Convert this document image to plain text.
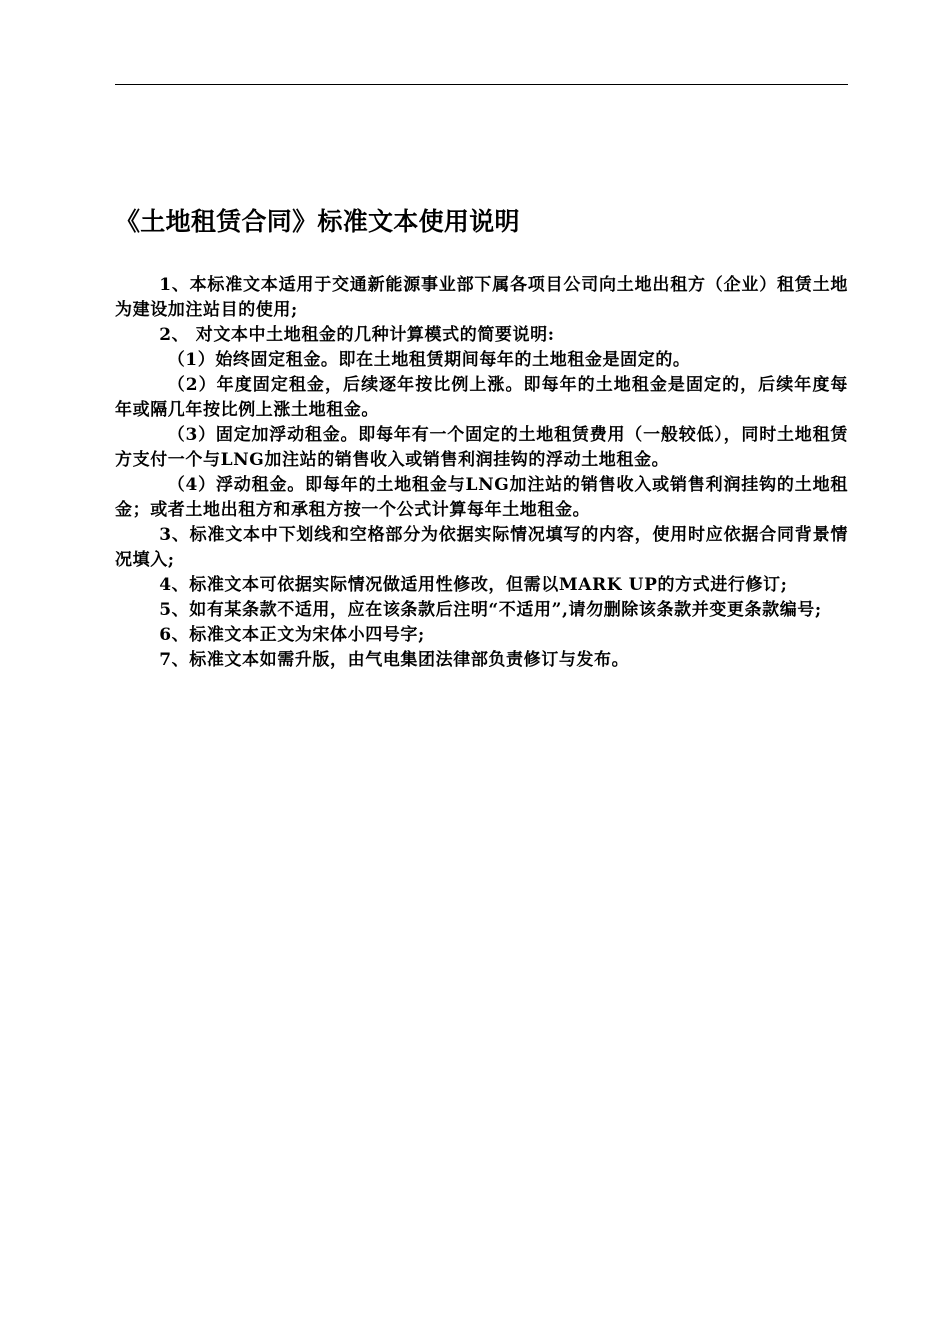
《土地租赁合同》标准文本使用说明

1、本标准文本适用于交通新能源事业部下属各项目公司向土地出租方（企业）租赁土地为建设加注站目的使用;

2、 对文本中土地租金的几种计算模式的简要说明:

（1）始终固定租金。即在土地租赁期间每年的土地租金是固定的。

（2）年度固定租金，后续逐年按比例上涨。即每年的土地租金是固定的，后续年度每年或隔几年按比例上涨土地租金。

（3）固定加浮动租金。即每年有一个固定的土地租赁费用（一般较低），同时土地租赁方支付一个与LNG加注站的销售收入或销售利润挂钩的浮动土地租金。

（4）浮动租金。即每年的土地租金与LNG加注站的销售收入或销售利润挂钩的土地租金；或者土地出租方和承租方按一个公式计算每年土地租金。

3、标准文本中下划线和空格部分为依据实际情况填写的内容，使用时应依据合同背景情况填入;

4、标准文本可依据实际情况做适用性修改，但需以MARK UP的方式进行修订;

5、如有某条款不适用，应在该条款后注明“不适用”,请勿删除该条款并变更条款编号;

6、标准文本正文为宋体小四号字;

7、标准文本如需升版，由气电集团法律部负责修订与发布。
